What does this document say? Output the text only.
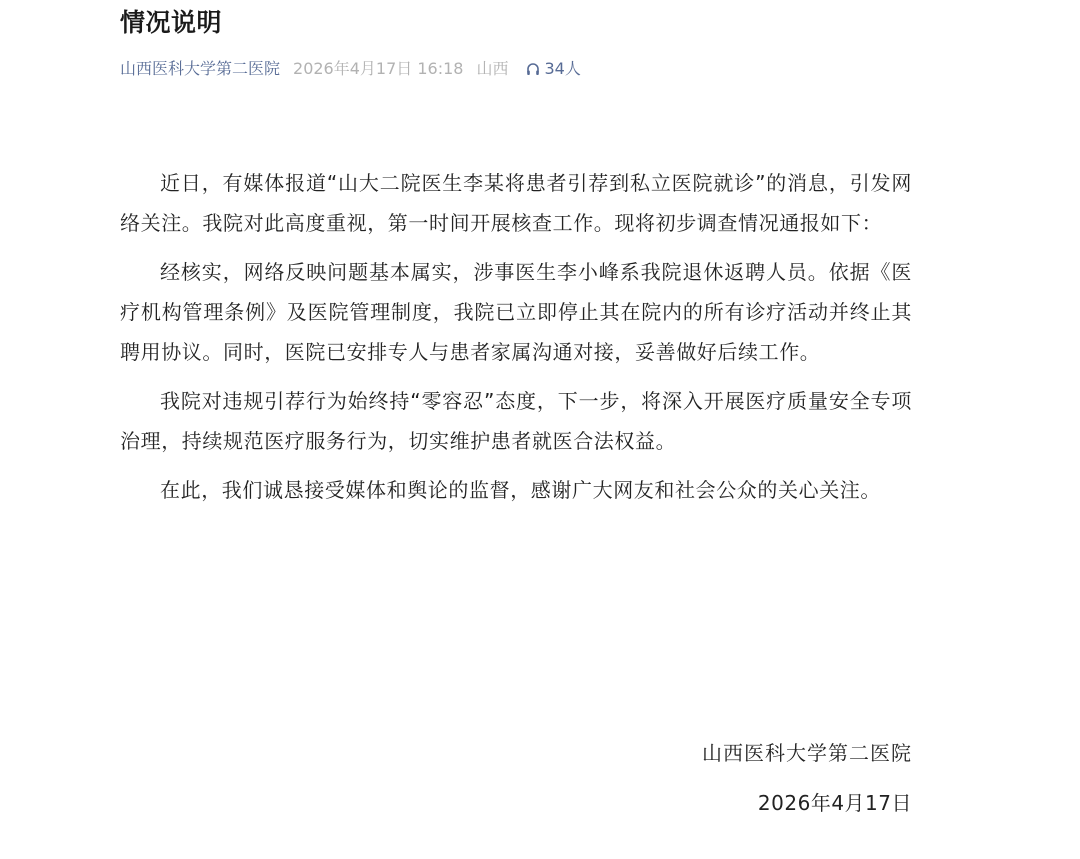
情况说明
山西医科大学第二医院 2026年4月17日 16:18 山西 34人

近日，有媒体报道“山大二院医生李某将患者引荐到私立医院就诊”的消息，引发网络关注。我院对此高度重视，第一时间开展核查工作。现将初步调查情况通报如下：

经核实，网络反映问题基本属实，涉事医生李小峰系我院退休返聘人员。依据《医疗机构管理条例》及医院管理制度，我院已立即停止其在院内的所有诊疗活动并终止其聘用协议。同时，医院已安排专人与患者家属沟通对接，妥善做好后续工作。

我院对违规引荐行为始终持“零容忍”态度，下一步，将深入开展医疗质量安全专项治理，持续规范医疗服务行为，切实维护患者就医合法权益。

在此，我们诚恳接受媒体和舆论的监督，感谢广大网友和社会公众的关心关注。

山西医科大学第二医院
2026年4月17日
